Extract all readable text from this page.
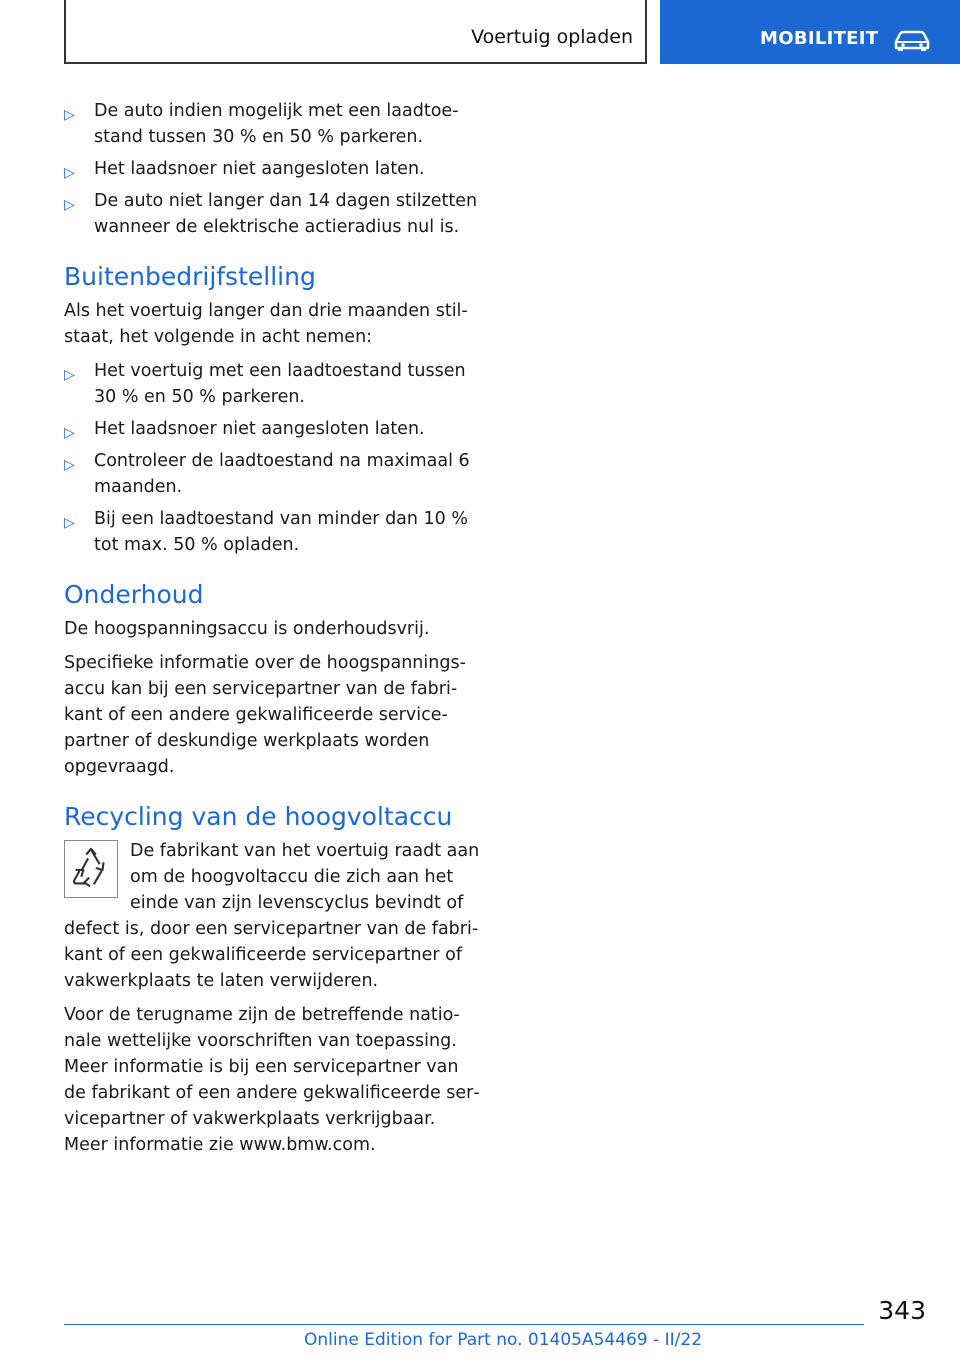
Voertuig opladen	MOBILITEIT
▷ De auto indien mogelijk met een laadtoestand tussen 30 % en 50 % parkeren.
▷ Het laadsnoer niet aangesloten laten.
▷ De auto niet langer dan 14 dagen stilzetten wanneer de elektrische actieradius nul is.
Buitenbedrijfstelling

Als het voertuig langer dan drie maanden stilstaat, het volgende in acht nemen:

▷ Het voertuig met een laadtoestand tussen 30 % en 50 % parkeren.
▷ Het laadsnoer niet aangesloten laten.
▷ Controleer de laadtoestand na maximaal 6 maanden.
▷ Bij een laadtoestand van minder dan 10 % tot max. 50 % opladen.
Onderhoud

De hoogspanningsaccu is onderhoudsvrij.

Specifieke informatie over de hoogspanningsaccu kan bij een servicepartner van de fabrikant of een andere gekwalificeerde servicepartner of deskundige werkplaats worden opgevraagd.

Recycling van de hoogvoltaccu

De fabrikant van het voertuig raadt aan om de hoogvoltaccu die zich aan het einde van zijn levenscyclus bevindt of defect is, door een servicepartner van de fabrikant of een gekwalificeerde servicepartner of vakwerkplaats te laten verwijderen.

Voor de terugname zijn de betreffende nationale wettelijke voorschriften van toepassing. Meer informatie is bij een servicepartner van de fabrikant of een andere gekwalificeerde servicepartner of vakwerkplaats verkrijgbaar. Meer informatie zie www.bmw.com.

343
Online Edition for Part no. 01405A54469 - II/22
